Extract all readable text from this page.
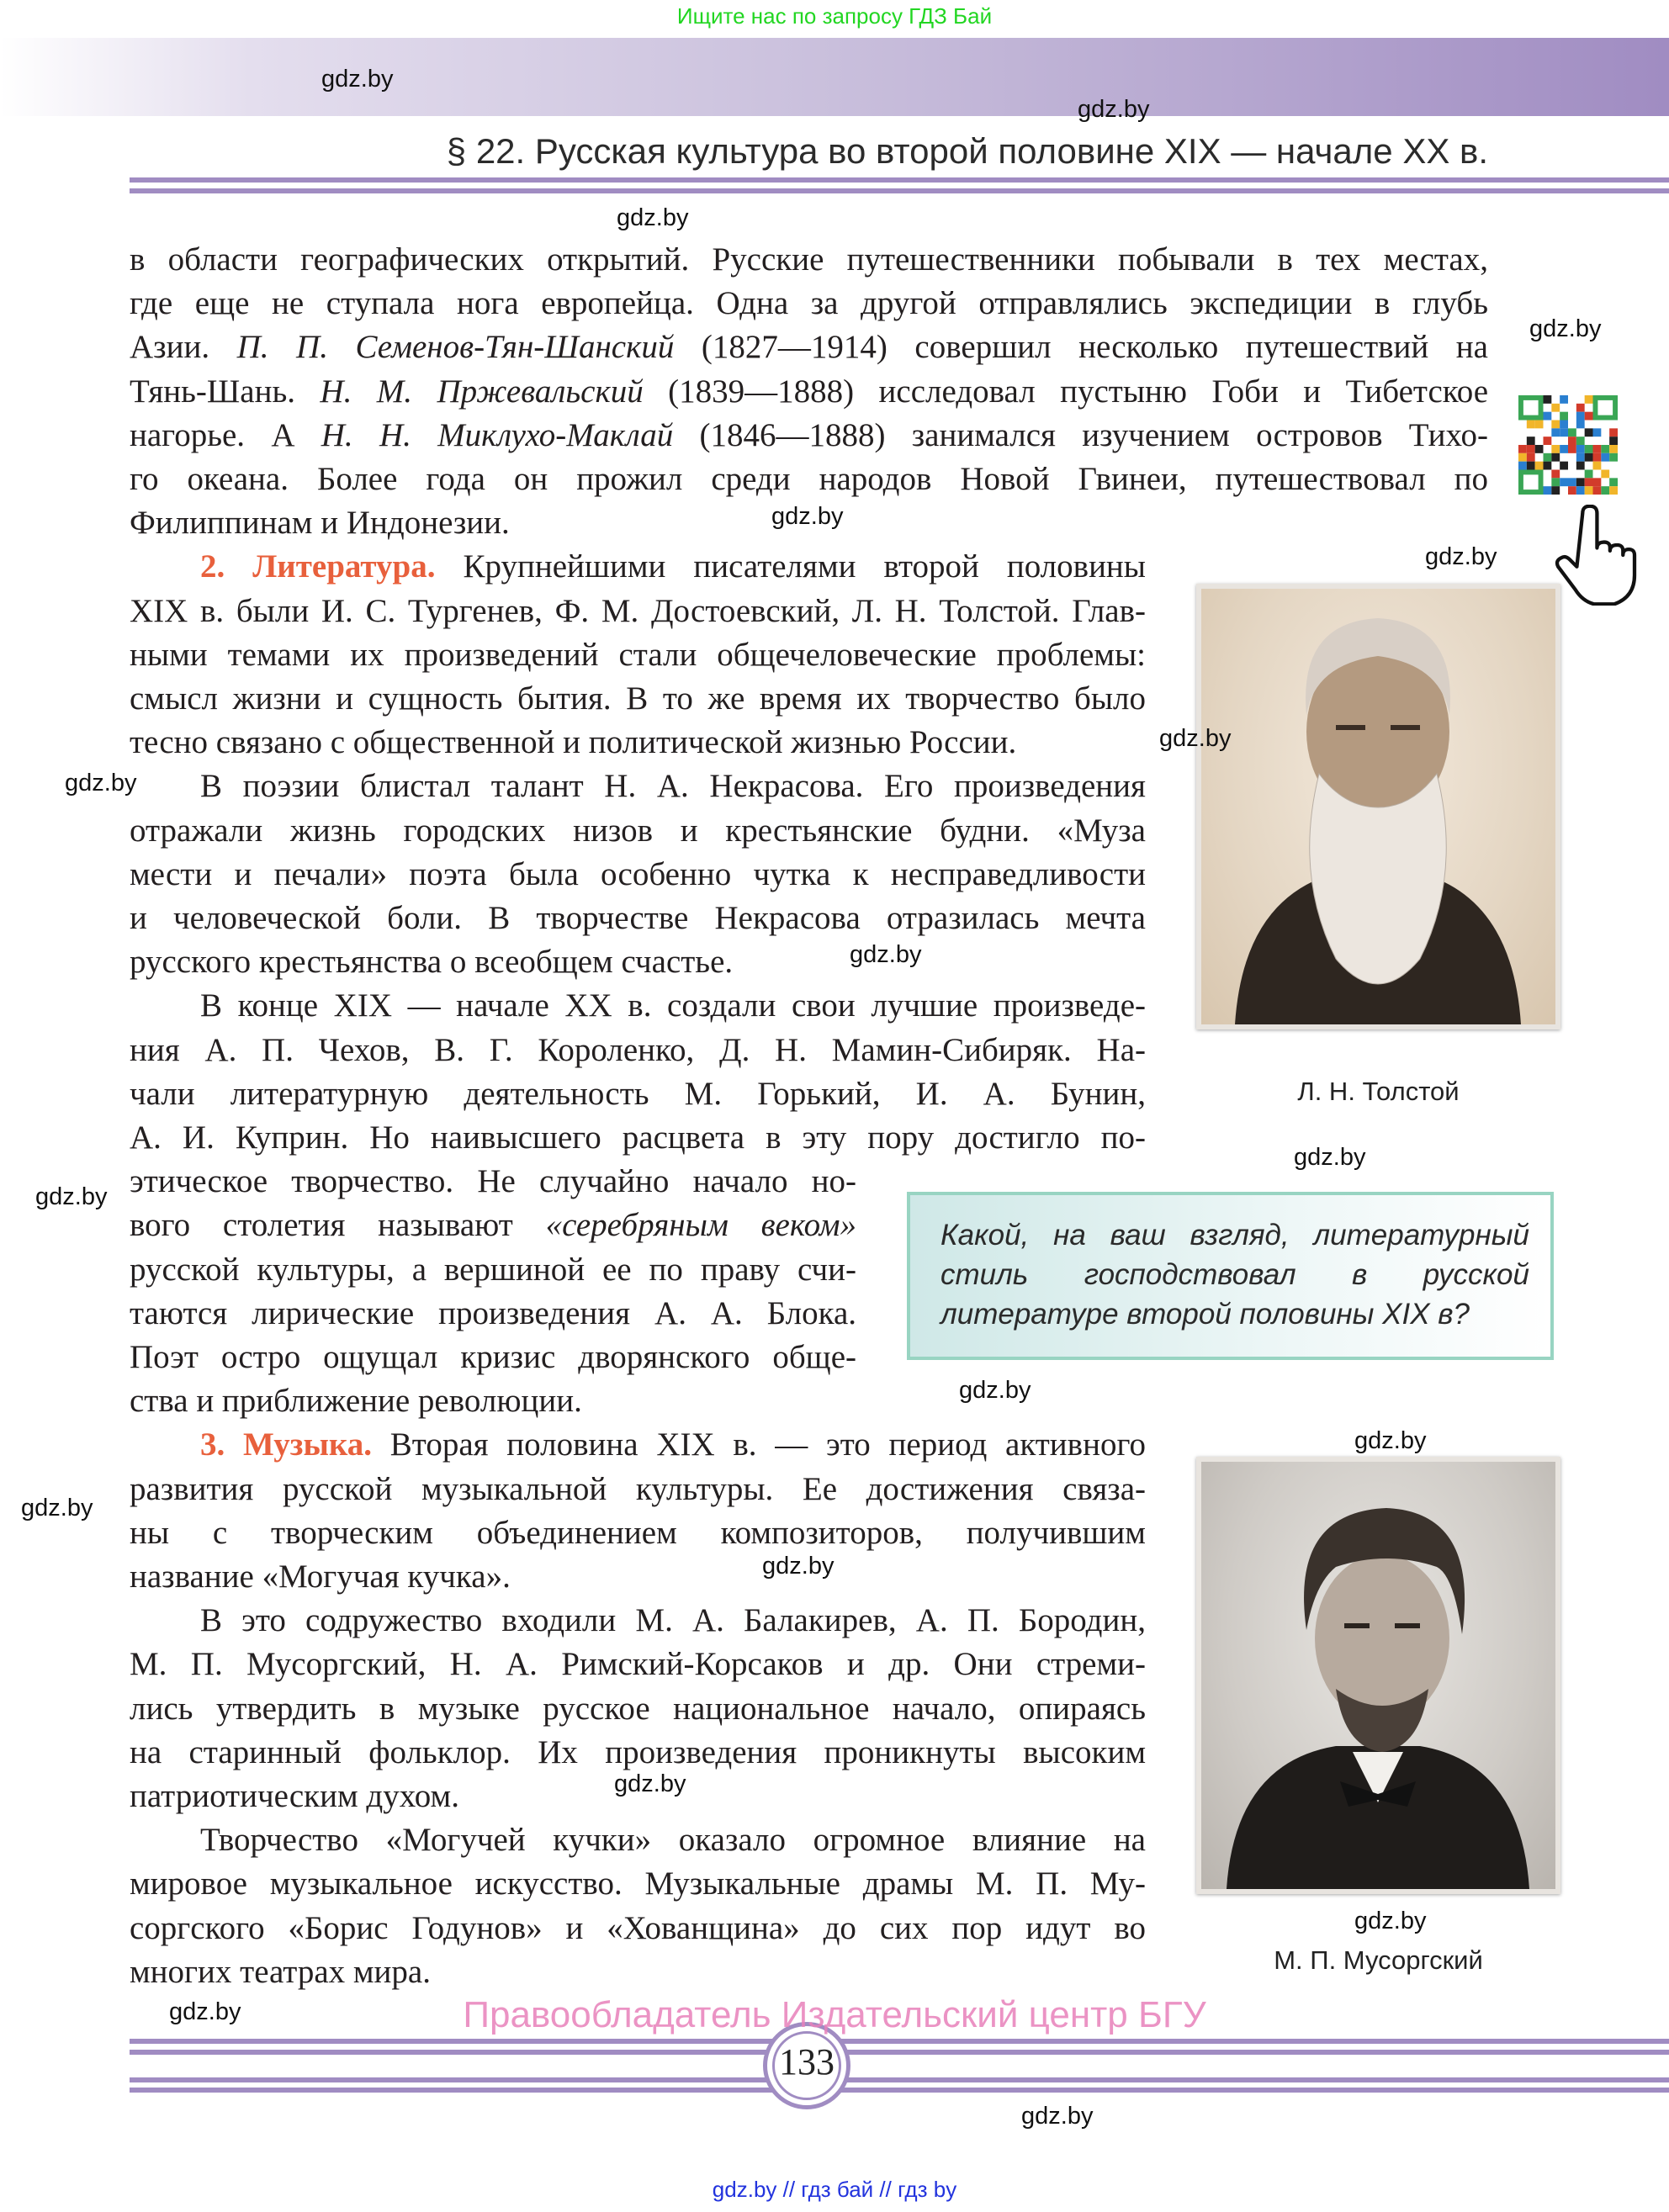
Ищите нас по запросу ГДЗ Бай
§ 22. Русская культура во второй половине XIX — начале XX в.
в области географических открытий. Русские путешественники побывали в тех местах,
где еще не ступала нога европейца. Одна за другой отправлялись экспедиции в глубь
Азии. П. П. Семенов-Тян-Шанский (1827—1914) совершил несколько путешествий на
Тянь-Шань. Н. М. Пржевальский (1839—1888) исследовал пустыню Гоби и Тибетское
нагорье. А Н. Н. Миклухо-Маклай (1846—1888) занимался изучением островов Тихо-
го океана. Более года он прожил среди народов Новой Гвинеи, путешествовал по
Филиппинам и Индонезии.
2. Литература. Крупнейшими писателями второй половины
XIX в. были И. С. Тургенев, Ф. М. Достоевский, Л. Н. Толстой. Глав-
ными темами их произведений стали общечеловеческие проблемы:
смысл жизни и сущность бытия. В то же время их творчество было
тесно связано с общественной и политической жизнью России.
В поэзии блистал талант Н. А. Некрасова. Его произведения
отражали жизнь городских низов и крестьянские будни. «Муза
мести и печали» поэта была особенно чутка к несправедливости
и человеческой боли. В творчестве Некрасова отразилась мечта
русского крестьянства о всеобщем счастье.
В конце XIX — начале XX в. создали свои лучшие произведе-
ния А. П. Чехов, В. Г. Короленко, Д. Н. Мамин-Сибиряк. На-
чали литературную деятельность М. Горький, И. А. Бунин,
А. И. Куприн. Но наивысшего расцвета в эту пору достигло по-
этическое творчество. Не случайно начало но-
вого столетия называют «серебряным веком»
русской культуры, а вершиной ее по праву счи-
таются лирические произведения А. А. Блока.
Поэт остро ощущал кризис дворянского обще-
ства и приближение революции.
3. Музыка. Вторая половина XIX в. — это период активного
развития русской музыкальной культуры. Ее достижения связа-
ны с творческим объединением композиторов, получившим
название «Могучая кучка».
В это содружество входили М. А. Балакирев, А. П. Бородин,
М. П. Мусоргский, Н. А. Римский-Корсаков и др. Они стреми-
лись утвердить в музыке русское национальное начало, опираясь
на старинный фольклор. Их произведения проникнуты высоким
патриотическим духом.
Творчество «Могучей кучки» оказало огромное влияние на
мировое музыкальное искусство. Музыкальные драмы М. П. Му-
соргского «Борис Годунов» и «Хованщина» до сих пор идут во
многих театрах мира.
Л. Н. Толстой
Какой, на ваш взгляд, литературный стиль господствовал в русской литературе второй половины XIX в?
М. П. Мусоргский
133
Правообладатель Издательский центр БГУ
gdz.by // гдз бай // гдз by
gdz.by
gdz.by
gdz.by
gdz.by
gdz.by
gdz.by
gdz.by
gdz.by
gdz.by
gdz.by
gdz.by
gdz.by
gdz.by
gdz.by
gdz.by
gdz.by
gdz.by
gdz.by
gdz.by
